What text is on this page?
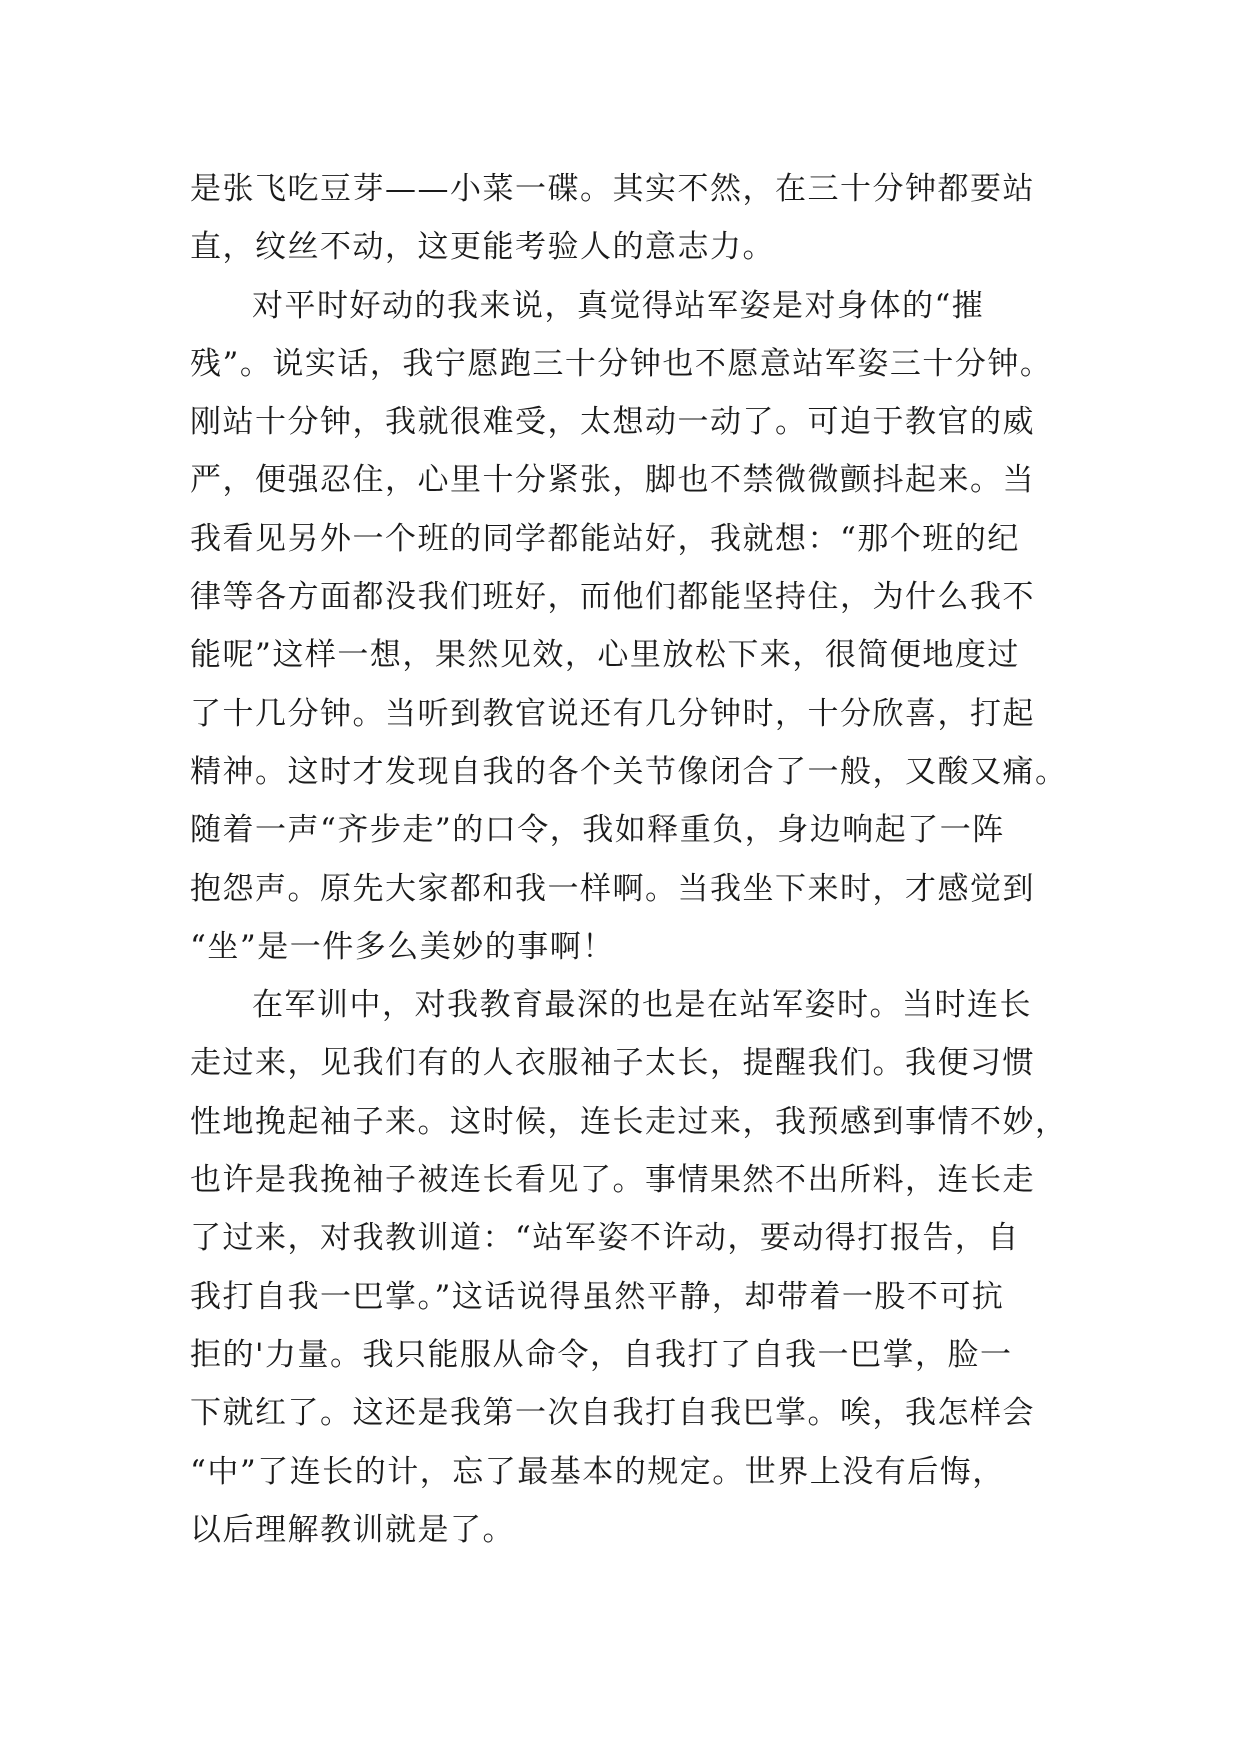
是张飞吃豆芽——小菜一碟。其实不然，在三十分钟都要站
直，纹丝不动，这更能考验人的意志力。
对平时好动的我来说，真觉得站军姿是对身体的“摧
残”。说实话，我宁愿跑三十分钟也不愿意站军姿三十分钟。
刚站十分钟，我就很难受，太想动一动了。可迫于教官的威
严，便强忍住，心里十分紧张，脚也不禁微微颤抖起来。当
我看见另外一个班的同学都能站好，我就想：“那个班的纪
律等各方面都没我们班好，而他们都能坚持住，为什么我不
能呢”这样一想，果然见效，心里放松下来，很简便地度过
了十几分钟。当听到教官说还有几分钟时，十分欣喜，打起
精神。这时才发现自我的各个关节像闭合了一般，又酸又痛。
随着一声“齐步走”的口令，我如释重负，身边响起了一阵
抱怨声。原先大家都和我一样啊。当我坐下来时，才感觉到
“坐”是一件多么美妙的事啊！
在军训中，对我教育最深的也是在站军姿时。当时连长
走过来，见我们有的人衣服袖子太长，提醒我们。我便习惯
性地挽起袖子来。这时候，连长走过来，我预感到事情不妙，
也许是我挽袖子被连长看见了。事情果然不出所料，连长走
了过来，对我教训道：“站军姿不许动，要动得打报告，自
我打自我一巴掌。”这话说得虽然平静，却带着一股不可抗
拒的'力量。我只能服从命令，自我打了自我一巴掌，脸一
下就红了。这还是我第一次自我打自我巴掌。唉，我怎样会
“中”了连长的计，忘了最基本的规定。世界上没有后悔，
以后理解教训就是了。
